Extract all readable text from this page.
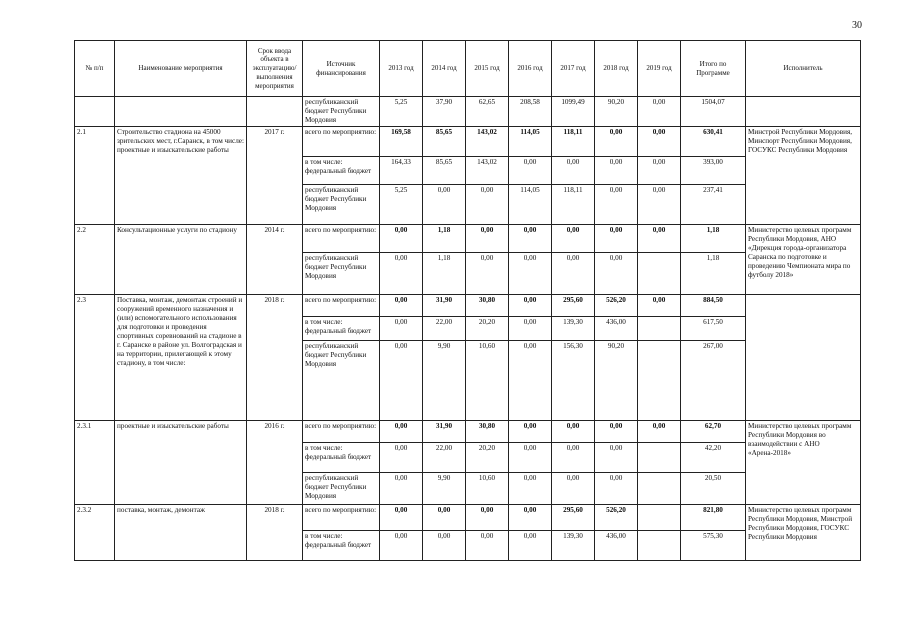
30
№ п/п	Наименование мероприятия	Срок ввода объекта в эксплуатацию/ выполнения мероприятия	Источник финансирования	2013 год	2014 год	2015 год	2016 год	2017 год	2018 год	2019 год	Итого по Программе	Исполнитель
			республиканский бюджет Республики Мордовия	5,25	37,90	62,65	208,58	1099,49	90,20	0,00	1504,07	
2.1	Строительство стадиона на 45000 зрительских мест, г.Саранск, в том числе: проектные и изыскательские работы	2017 г.	всего по мероприятию:	169,58	85,65	143,02	114,05	118,11	0,00	0,00	630,41	Минстрой Республики Мордовия, Минспорт Республики Мордовия, ГОСУКС Республики Мордовия
			в том числе: федеральный бюджет	164,33	85,65	143,02	0,00	0,00	0,00	0,00	393,00	
			республиканский бюджет Республики Мордовия	5,25	0,00	0,00	114,05	118,11	0,00	0,00	237,41	
2.2	Консультационные услуги по стадиону	2014 г.	всего по мероприятию:	0,00	1,18	0,00	0,00	0,00	0,00	0,00	1,18	Министерство целевых программ Республики Мордовия, АНО «Дирекция города-организатора Саранска по подготовке и проведению Чемпионата мира по футболу 2018»
			республиканский бюджет Республики Мордовия	0,00	1,18	0,00	0,00	0,00	0,00		1,18	
2.3	Поставка, монтаж, демонтаж строений и сооружений временного назначения и (или) вспомогательного использования для подготовки и проведения спортивных соревнований на стадионе в г. Саранске в районе ул. Волгоградская и на территории, прилегающей к этому стадиону, в том числе:	2018 г.	всего по мероприятию:	0,00	31,90	30,80	0,00	295,60	526,20	0,00	884,50	
			в том числе: федеральный бюджет	0,00	22,00	20,20	0,00	139,30	436,00		617,50	
			республиканский бюджет Республики Мордовия	0,00	9,90	10,60	0,00	156,30	90,20		267,00	
2.3.1	проектные и изыскательские работы	2016 г.	всего по мероприятию:	0,00	31,90	30,80	0,00	0,00	0,00	0,00	62,70	Министерство целевых программ Республики Мордовия во взаимодействии с АНО «Арена-2018»
			в том числе: федеральный бюджет	0,00	22,00	20,20	0,00	0,00	0,00		42,20	
			республиканский бюджет Республики Мордовия	0,00	9,90	10,60	0,00	0,00	0,00		20,50	
2.3.2	поставка, монтаж, демонтаж	2018 г.	всего по мероприятию:	0,00	0,00	0,00	0,00	295,60	526,20		821,80	Министерство целевых программ Республики Мордовия, Минстрой Республики Мордовия, ГОСУКС Республики Мордовия
			в том числе: федеральный бюджет	0,00	0,00	0,00	0,00	139,30	436,00		575,30	
